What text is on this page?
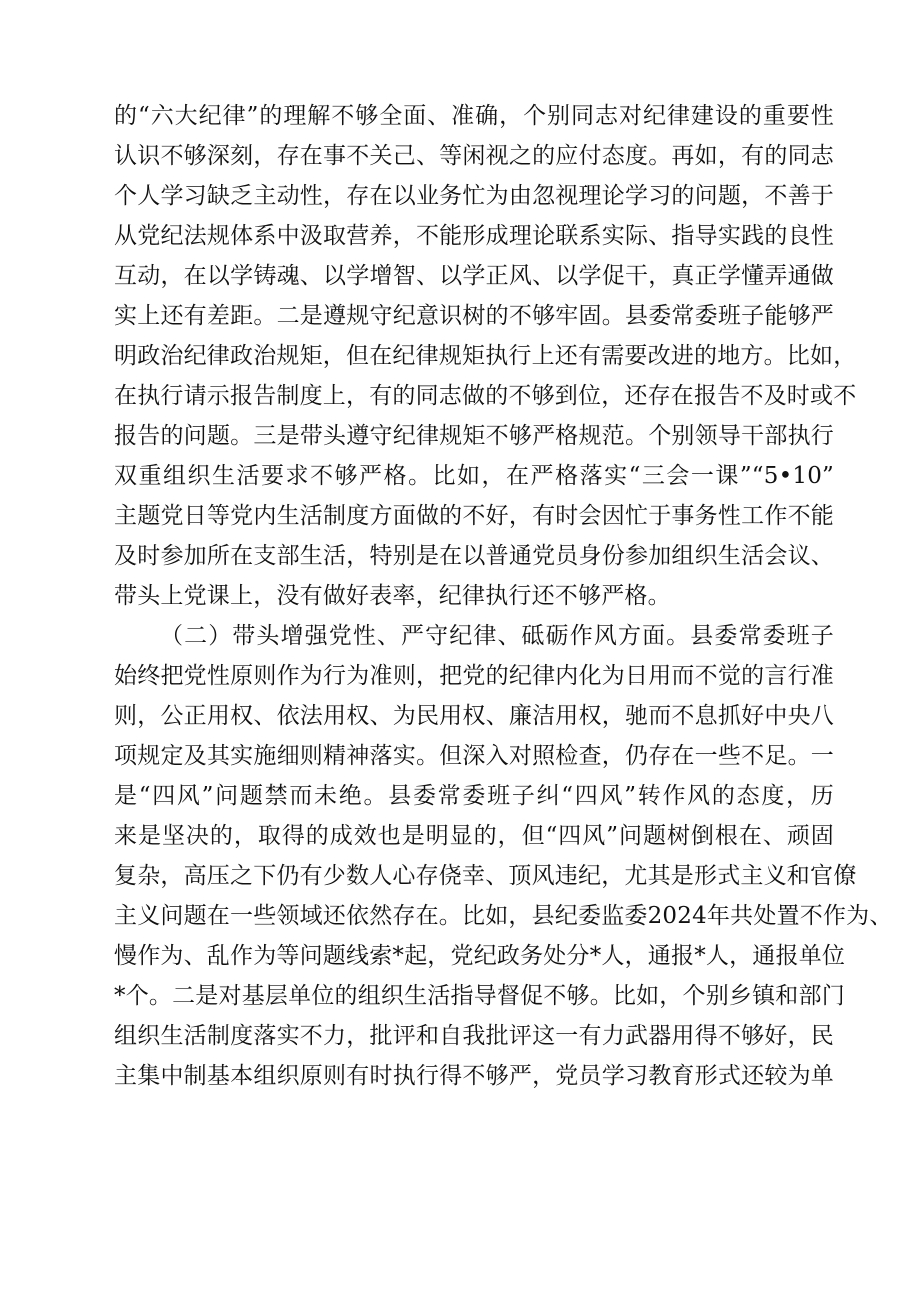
的“六大纪律”的理解不够全面、准确，个别同志对纪律建设的重要性
认识不够深刻，存在事不关己、等闲视之的应付态度。再如，有的同志
个人学习缺乏主动性，存在以业务忙为由忽视理论学习的问题，不善于
从党纪法规体系中汲取营养，不能形成理论联系实际、指导实践的良性
互动，在以学铸魂、以学增智、以学正风、以学促干，真正学懂弄通做
实上还有差距。二是遵规守纪意识树的不够牢固。县委常委班子能够严
明政治纪律政治规矩，但在纪律规矩执行上还有需要改进的地方。比如，
在执行请示报告制度上，有的同志做的不够到位，还存在报告不及时或不
报告的问题。三是带头遵守纪律规矩不够严格规范。个别领导干部执行
双重组织生活要求不够严格。比如，在严格落实“三会一课”“5•10”
主题党日等党内生活制度方面做的不好，有时会因忙于事务性工作不能
及时参加所在支部生活，特别是在以普通党员身份参加组织生活会议、
带头上党课上，没有做好表率，纪律执行还不够严格。
（二）带头增强党性、严守纪律、砥砺作风方面。县委常委班子
始终把党性原则作为行为准则，把党的纪律内化为日用而不觉的言行准
则，公正用权、依法用权、为民用权、廉洁用权，驰而不息抓好中央八
项规定及其实施细则精神落实。但深入对照检查，仍存在一些不足。一
是“四风”问题禁而未绝。县委常委班子纠“四风”转作风的态度，历
来是坚决的，取得的成效也是明显的，但“四风”问题树倒根在、顽固
复杂，高压之下仍有少数人心存侥幸、顶风违纪，尤其是形式主义和官僚
主义问题在一些领域还依然存在。比如，县纪委监委2024年共处置不作为、
慢作为、乱作为等问题线索*起，党纪政务处分*人，通报*人，通报单位
*个。二是对基层单位的组织生活指导督促不够。比如，个别乡镇和部门
组织生活制度落实不力，批评和自我批评这一有力武器用得不够好，民
主集中制基本组织原则有时执行得不够严，党员学习教育形式还较为单
